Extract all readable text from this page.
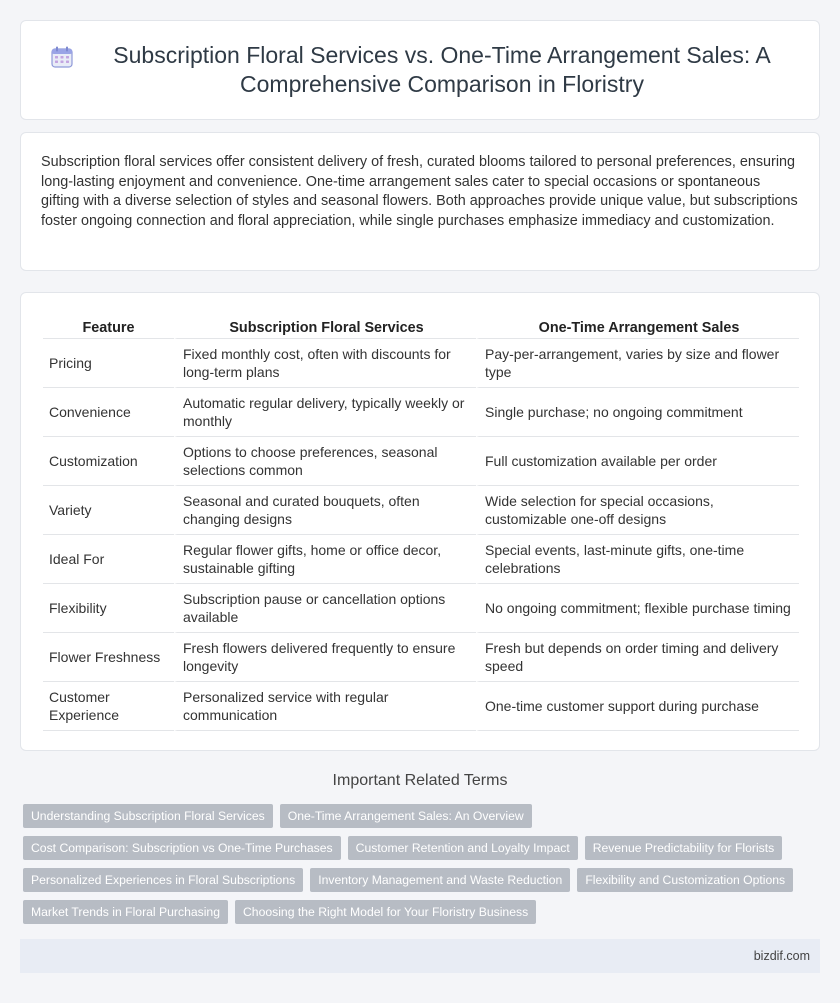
Subscription Floral Services vs. One-Time Arrangement Sales: A Comprehensive Comparison in Floristry

Subscription floral services offer consistent delivery of fresh, curated blooms tailored to personal preferences, ensuring long-lasting enjoyment and convenience. One-time arrangement sales cater to special occasions or spontaneous gifting with a diverse selection of styles and seasonal flowers. Both approaches provide unique value, but subscriptions foster ongoing connection and floral appreciation, while single purchases emphasize immediacy and customization.

Feature	Subscription Floral Services	One-Time Arrangement Sales
Pricing	Fixed monthly cost, often with discounts for long-term plans	Pay-per-arrangement, varies by size and flower type
Convenience	Automatic regular delivery, typically weekly or monthly	Single purchase; no ongoing commitment
Customization	Options to choose preferences, seasonal selections common	Full customization available per order
Variety	Seasonal and curated bouquets, often changing designs	Wide selection for special occasions, customizable one-off designs
Ideal For	Regular flower gifts, home or office decor, sustainable gifting	Special events, last-minute gifts, one-time celebrations
Flexibility	Subscription pause or cancellation options available	No ongoing commitment; flexible purchase timing
Flower Freshness	Fresh flowers delivered frequently to ensure longevity	Fresh but depends on order timing and delivery speed
Customer Experience	Personalized service with regular communication	One-time customer support during purchase
Important Related Terms
Understanding Subscription Floral Services	One-Time Arrangement Sales: An Overview
Cost Comparison: Subscription vs One-Time Purchases	Customer Retention and Loyalty Impact	Revenue Predictability for Florists
Personalized Experiences in Floral Subscriptions	Inventory Management and Waste Reduction	Flexibility and Customization Options
Market Trends in Floral Purchasing	Choosing the Right Model for Your Floristry Business
bizdif.com
